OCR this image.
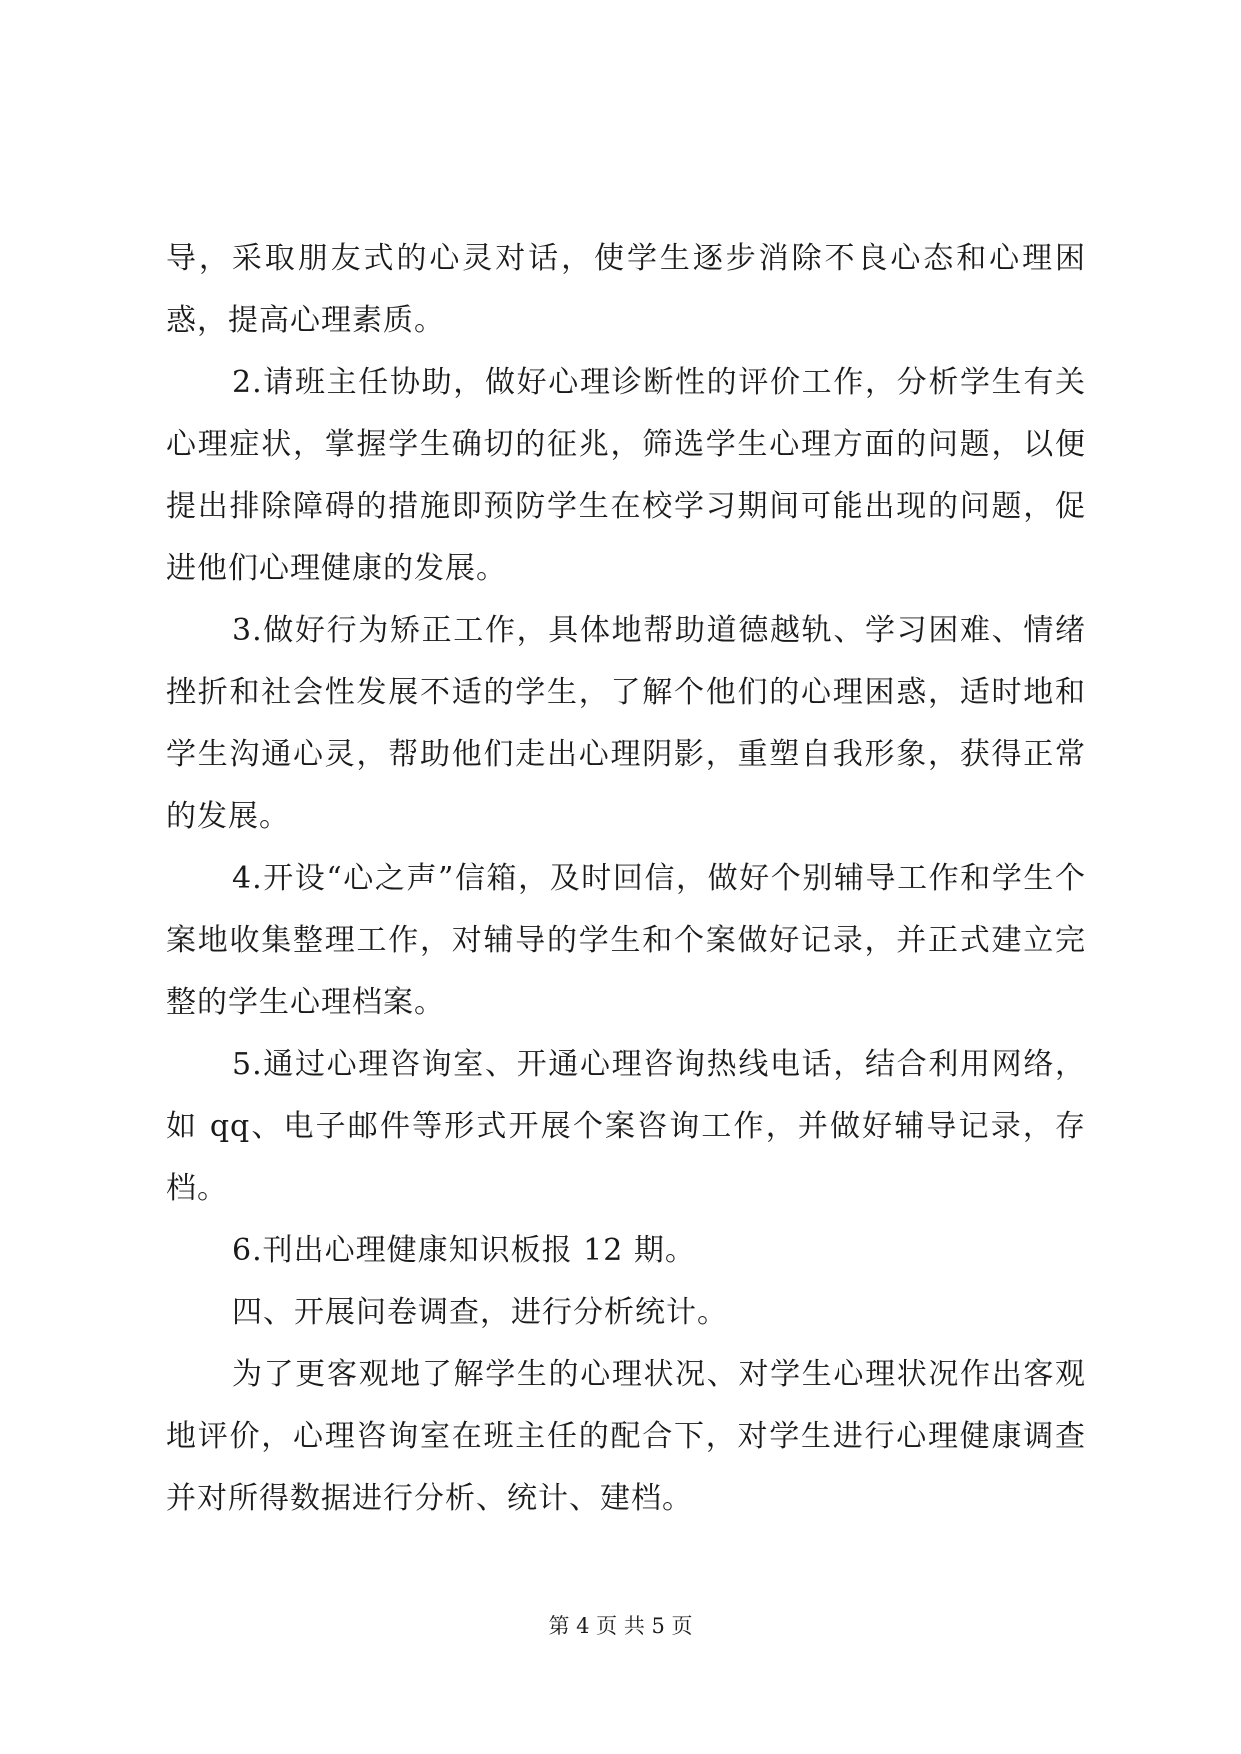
导，采取朋友式的心灵对话，使学生逐步消除不良心态和心理困惑，提高心理素质。

2.请班主任协助，做好心理诊断性的评价工作，分析学生有关心理症状，掌握学生确切的征兆，筛选学生心理方面的问题，以便提出排除障碍的措施即预防学生在校学习期间可能出现的问题，促进他们心理健康的发展。

3.做好行为矫正工作，具体地帮助道德越轨、学习困难、情绪挫折和社会性发展不适的学生，了解个他们的心理困惑，适时地和学生沟通心灵，帮助他们走出心理阴影，重塑自我形象，获得正常的发展。

4.开设“心之声”信箱，及时回信，做好个别辅导工作和学生个案地收集整理工作，对辅导的学生和个案做好记录，并正式建立完整的学生心理档案。

5.通过心理咨询室、开通心理咨询热线电话，结合利用网络，如 qq、电子邮件等形式开展个案咨询工作，并做好辅导记录，存档。

6.刊出心理健康知识板报 12 期。

四、开展问卷调查，进行分析统计。

为了更客观地了解学生的心理状况、对学生心理状况作出客观地评价，心理咨询室在班主任的配合下，对学生进行心理健康调查并对所得数据进行分析、统计、建档。

第 4 页 共 5 页
